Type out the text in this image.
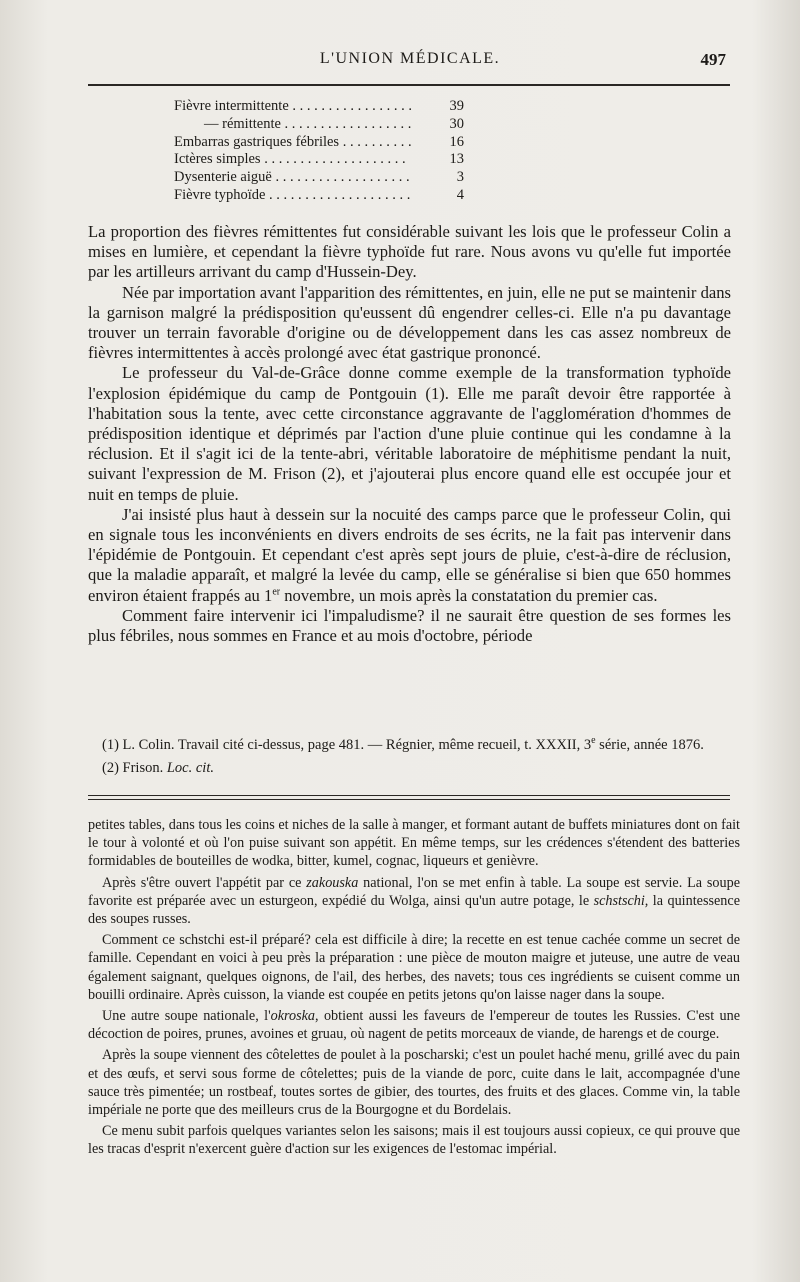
L'UNION MÉDICALE.	497
Fièvre intermittente . . .	39
— rémittente . . .	30
Embarras gastriques fébriles . . .	16
Ictères simples . . .	13
Dysenterie aiguë . . .	3
Fièvre typhoïde . . .	4

La proportion des fièvres rémittentes fut considérable suivant les lois que le professeur Colin a mises en lumière, et cependant la fièvre typhoïde fut rare. Nous avons vu qu'elle fut importée par les artilleurs arrivant du camp d'Hussein-Dey.

Née par importation avant l'apparition des rémittentes, en juin, elle ne put se maintenir dans la garnison malgré la prédisposition qu'eussent dû engendrer celles-ci. Elle n'a pu davantage trouver un terrain favorable d'origine ou de développement dans les cas assez nombreux de fièvres intermittentes à accès prolongé avec état gastrique prononcé.

Le professeur du Val-de-Grâce donne comme exemple de la transformation typhoïde l'explosion épidémique du camp de Pontgouin (1). Elle me paraît devoir être rapportée à l'habitation sous la tente, avec cette circonstance aggravante de l'agglomération d'hommes de prédisposition identique et déprimés par l'action d'une pluie continue qui les condamne à la réclusion. Et il s'agit ici de la tente-abri, véritable laboratoire de méphitisme pendant la nuit, suivant l'expression de M. Frison (2), et j'ajouterai plus encore quand elle est occupée jour et nuit en temps de pluie.

J'ai insisté plus haut à dessein sur la nocuité des camps parce que le professeur Colin, qui en signale tous les inconvénients en divers endroits de ses écrits, ne la fait pas intervenir dans l'épidémie de Pontgouin. Et cependant c'est après sept jours de pluie, c'est-à-dire de réclusion, que la maladie apparaît, et malgré la levée du camp, elle se généralise si bien que 650 hommes environ étaient frappés au 1er novembre, un mois après la constatation du premier cas.

Comment faire intervenir ici l'impaludisme? il ne saurait être question de ses formes les plus fébriles, nous sommes en France et au mois d'octobre, période

(1) L. Colin. Travail cité ci-dessus, page 481. — Régnier, même recueil, t. XXXII, 3e série, année 1876.

(2) Frison. Loc. cit.

petites tables, dans tous les coins et niches de la salle à manger, et formant autant de buffets miniatures dont on fait le tour à volonté et où l'on puise suivant son appétit. En même temps, sur les crédences s'étendent des batteries formidables de bouteilles de wodka, bitter, kumel, cognac, liqueurs et genièvre.

Après s'être ouvert l'appétit par ce zakouska national, l'on se met enfin à table. La soupe est servie. La soupe favorite est préparée avec un esturgeon, expédié du Wolga, ainsi qu'un autre potage, le schstschi, la quintessence des soupes russes.

Comment ce schstchi est-il préparé? cela est difficile à dire; la recette en est tenue cachée comme un secret de famille. Cependant en voici à peu près la préparation : une pièce de mouton maigre et juteuse, une autre de veau également saignant, quelques oignons, de l'ail, des herbes, des navets; tous ces ingrédients se cuisent comme un bouilli ordinaire. Après cuisson, la viande est coupée en petits jetons qu'on laisse nager dans la soupe.

Une autre soupe nationale, l'okroska, obtient aussi les faveurs de l'empereur de toutes les Russies. C'est une décoction de poires, prunes, avoines et gruau, où nagent de petits morceaux de viande, de harengs et de courge.

Après la soupe viennent des côtelettes de poulet à la poscharski; c'est un poulet haché menu, grillé avec du pain et des œufs, et servi sous forme de côtelettes; puis de la viande de porc, cuite dans le lait, accompagnée d'une sauce très pimentée; un rostbeaf, toutes sortes de gibier, des tourtes, des fruits et des glaces. Comme vin, la table impériale ne porte que des meilleurs crus de la Bourgogne et du Bordelais.

Ce menu subit parfois quelques variantes selon les saisons; mais il est toujours aussi copieux, ce qui prouve que les tracas d'esprit n'exercent guère d'action sur les exigences de l'estomac impérial.
